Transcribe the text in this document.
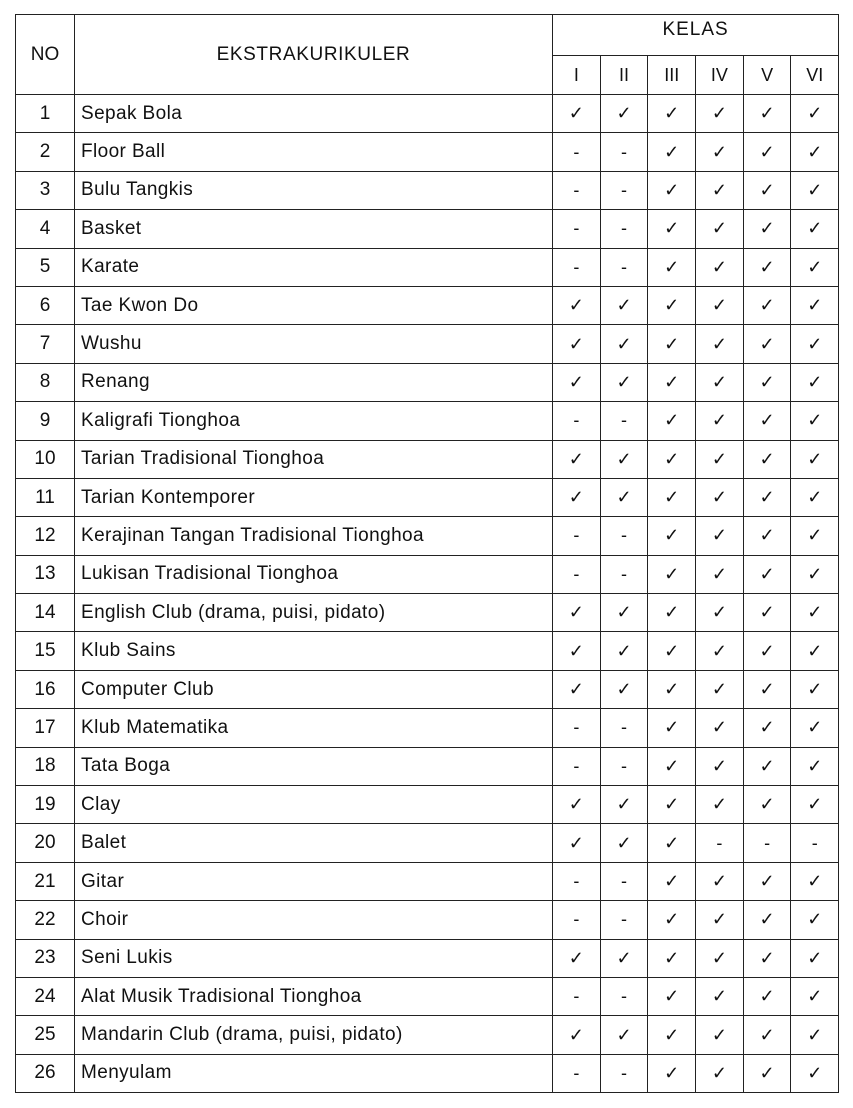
NO	EKSTRAKURIKULER	KELAS					
		I	II	III	IV	V	VI
1	Sepak Bola	✓	✓	✓	✓	✓	✓
2	Floor Ball	-	-	✓	✓	✓	✓
3	Bulu Tangkis	-	-	✓	✓	✓	✓
4	Basket	-	-	✓	✓	✓	✓
5	Karate	-	-	✓	✓	✓	✓
6	Tae Kwon Do	✓	✓	✓	✓	✓	✓
7	Wushu	✓	✓	✓	✓	✓	✓
8	Renang	✓	✓	✓	✓	✓	✓
9	Kaligrafi Tionghoa	-	-	✓	✓	✓	✓
10	Tarian Tradisional Tionghoa	✓	✓	✓	✓	✓	✓
11	Tarian Kontemporer	✓	✓	✓	✓	✓	✓
12	Kerajinan Tangan Tradisional Tionghoa	-	-	✓	✓	✓	✓
13	Lukisan Tradisional Tionghoa	-	-	✓	✓	✓	✓
14	English Club (drama, puisi, pidato)	✓	✓	✓	✓	✓	✓
15	Klub Sains	✓	✓	✓	✓	✓	✓
16	Computer Club	✓	✓	✓	✓	✓	✓
17	Klub Matematika	-	-	✓	✓	✓	✓
18	Tata Boga	-	-	✓	✓	✓	✓
19	Clay	✓	✓	✓	✓	✓	✓
20	Balet	✓	✓	✓	-	-	-
21	Gitar	-	-	✓	✓	✓	✓
22	Choir	-	-	✓	✓	✓	✓
23	Seni Lukis	✓	✓	✓	✓	✓	✓
24	Alat Musik Tradisional Tionghoa	-	-	✓	✓	✓	✓
25	Mandarin Club (drama, puisi, pidato)	✓	✓	✓	✓	✓	✓
26	Menyulam	-	-	✓	✓	✓	✓
